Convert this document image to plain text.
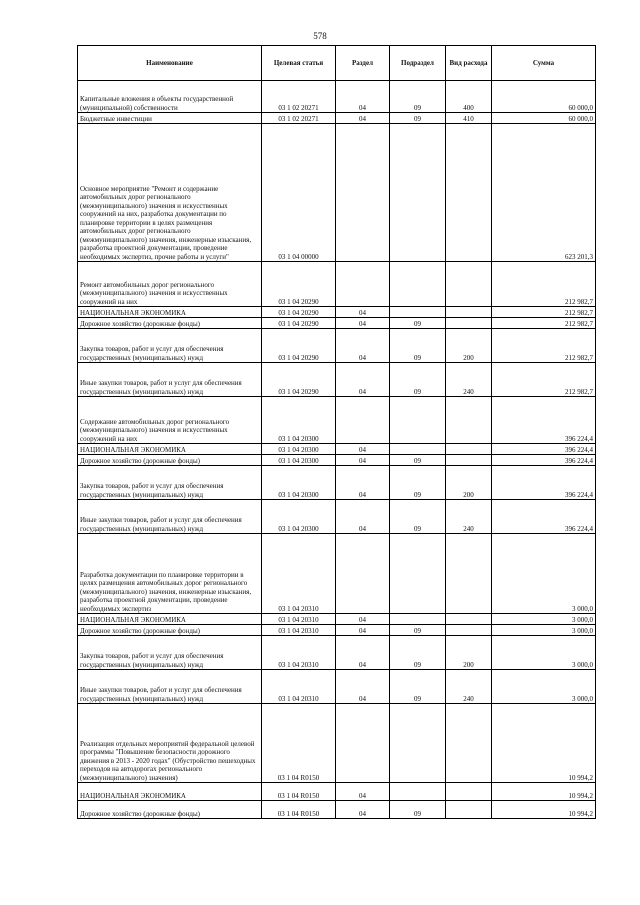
578
Наименование	Целевая статья	Раздел	Подраздел	Вид расхода	Сумма

Капитальные вложения в объекты государственной (муниципальной) собственности	03 1 02 20271	04	09	400	60 000,0

Бюджетные инвестиции	03 1 02 20271	04	09	410	60 000,0

Основное мероприятие "Ремонт и содержание автомобильных дорог регионального (межмуниципального) значения и искусственных сооружений на них, разработка документации по планировке территории в целях размещения автомобильных дорог регионального (межмуниципального) значения, инженерные изыскания, разработка проектной документации, проведение необходимых экспертиз, прочие работы и услуги"	03 1 04 00000				623 201,3

Ремонт автомобильных дорог регионального (межмуниципального) значения и искусственных сооружений на них	03 1 04 20290				212 982,7

НАЦИОНАЛЬНАЯ ЭКОНОМИКА	03 1 04 20290	04			212 982,7

Дорожное хозяйство (дорожные фонды)	03 1 04 20290	04	09		212 982,7

Закупка товаров, работ и услуг для обеспечения государственных (муниципальных) нужд	03 1 04 20290	04	09	200	212 982,7

Иные закупки товаров, работ и услуг для обеспечения государственных (муниципальных) нужд	03 1 04 20290	04	09	240	212 982,7

Содержание автомобильных дорог регионального (межмуниципального) значения и искусственных сооружений на них	03 1 04 20300				396 224,4

НАЦИОНАЛЬНАЯ ЭКОНОМИКА	03 1 04 20300	04			396 224,4

Дорожное хозяйство (дорожные фонды)	03 1 04 20300	04	09		396 224,4

Закупка товаров, работ и услуг для обеспечения государственных (муниципальных) нужд	03 1 04 20300	04	09	200	396 224,4

Иные закупки товаров, работ и услуг для обеспечения государственных (муниципальных) нужд	03 1 04 20300	04	09	240	396 224,4

Разработка документации по планировке территории в целях размещения автомобильных дорог регионального (межмуниципального) значения, инженерные изыскания, разработка проектной документации, проведение необходимых экспертиз	03 1 04 20310				3 000,0

НАЦИОНАЛЬНАЯ ЭКОНОМИКА	03 1 04 20310	04			3 000,0

Дорожное хозяйство (дорожные фонды)	03 1 04 20310	04	09		3 000,0

Закупка товаров, работ и услуг для обеспечения государственных (муниципальных) нужд	03 1 04 20310	04	09	200	3 000,0

Иные закупки товаров, работ и услуг для обеспечения государственных (муниципальных) нужд	03 1 04 20310	04	09	240	3 000,0

Реализация отдельных мероприятий федеральной целевой программы "Повышение безопасности дорожного движения в 2013 - 2020 годах" (Обустройство пешеходных переходов на автодорогах регионального (межмуниципального) значения)	03 1 04 R0150				10 994,2

НАЦИОНАЛЬНАЯ ЭКОНОМИКА	03 1 04 R0150	04			10 994,2

Дорожное хозяйство (дорожные фонды)	03 1 04 R0150	04	09		10 994,2
